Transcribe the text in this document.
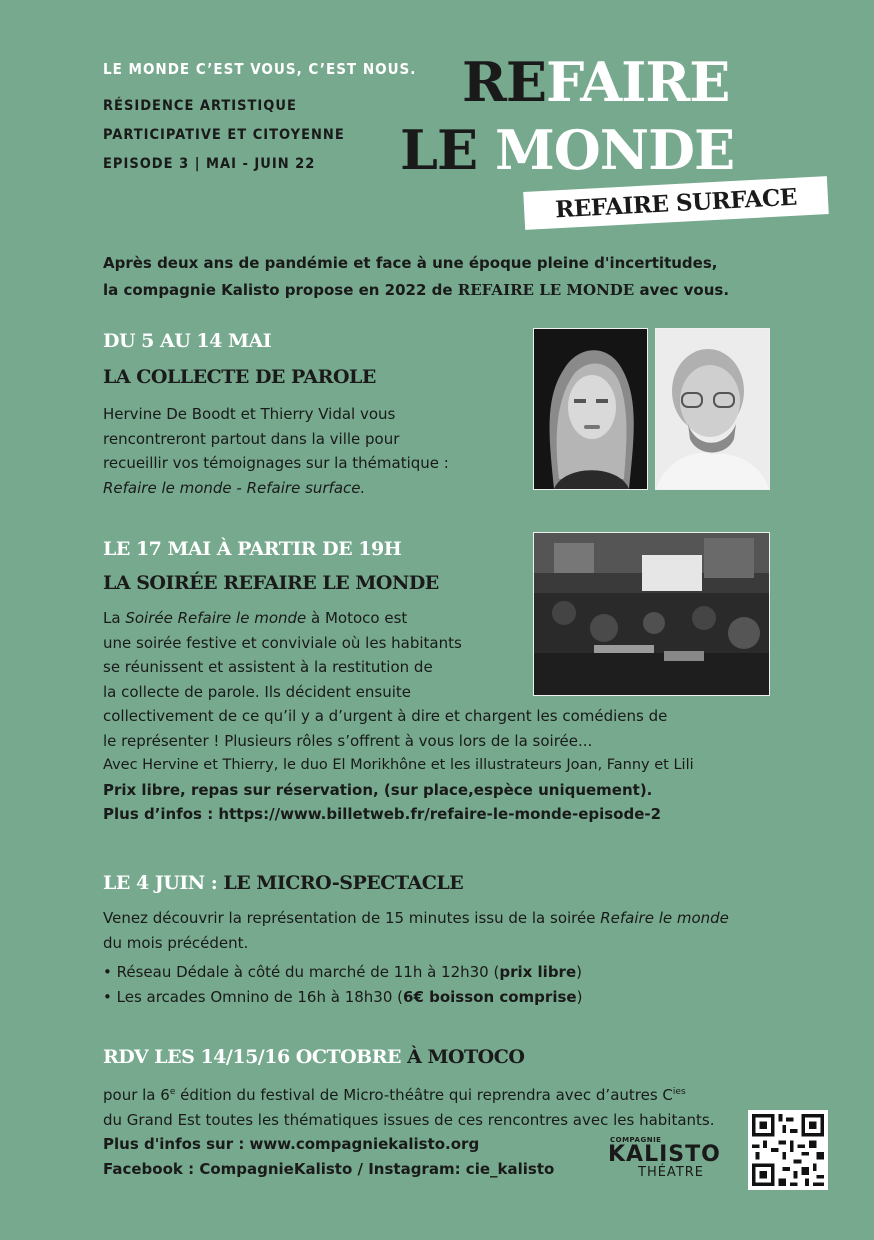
LE MONDE C’EST VOUS, C’EST NOUS.
RÉSIDENCE ARTISTIQUE
PARTICIPATIVE ET CITOYENNE
EPISODE 3 | MAI - JUIN 22
REFAIRE
LE MONDE
REFAIRE SURFACE

Après deux ans de pandémie et face à une époque pleine d'incertitudes,

la compagnie Kalisto propose en 2022 de REFAIRE LE MONDE avec vous.

DU 5 AU 14 MAI
LA COLLECTE DE PAROLE

Hervine De Boodt et Thierry Vidal vous

rencontreront partout dans la ville pour

recueillir vos témoignages sur la thématique :

Refaire le monde - Refaire surface.

LE 17 MAI À PARTIR DE 19H
LA SOIRÉE REFAIRE LE MONDE

La Soirée Refaire le monde à Motoco est

une soirée festive et conviviale où les habitants

se réunissent et assistent à la restitution de

la collecte de parole. Ils décident ensuite

collectivement de ce qu’il y a d’urgent à dire et chargent les comédiens de

le représenter ! Plusieurs rôles s’offrent à vous lors de la soirée...

Avec Hervine et Thierry, le duo El Morikhône et les illustrateurs Joan, Fanny et Lili

Prix libre, repas sur réservation, (sur place,espèce uniquement).

Plus d’infos : https://www.billetweb.fr/refaire-le-monde-episode-2

LE 4 JUIN : LE MICRO-SPECTACLE

Venez découvrir la représentation de 15 minutes issu de la soirée Refaire le monde

du mois précédent.

• Réseau Dédale à côté du marché de 11h à 12h30 (prix libre)

• Les arcades Omnino de 16h à 18h30 (6€ boisson comprise)

RDV LES 14/15/16 OCTOBRE À MOTOCO

pour la 6e édition du festival de Micro-théâtre qui reprendra avec d’autres $C^{ies}$

du Grand Est toutes les thématiques issues de ces rencontres avec les habitants.

Plus d'infos sur : www.compagniekalisto.org

Facebook : CompagnieKalisto / Instagram: cie_kalisto

COMPAGNIE
KALISTO
THÉATRE
